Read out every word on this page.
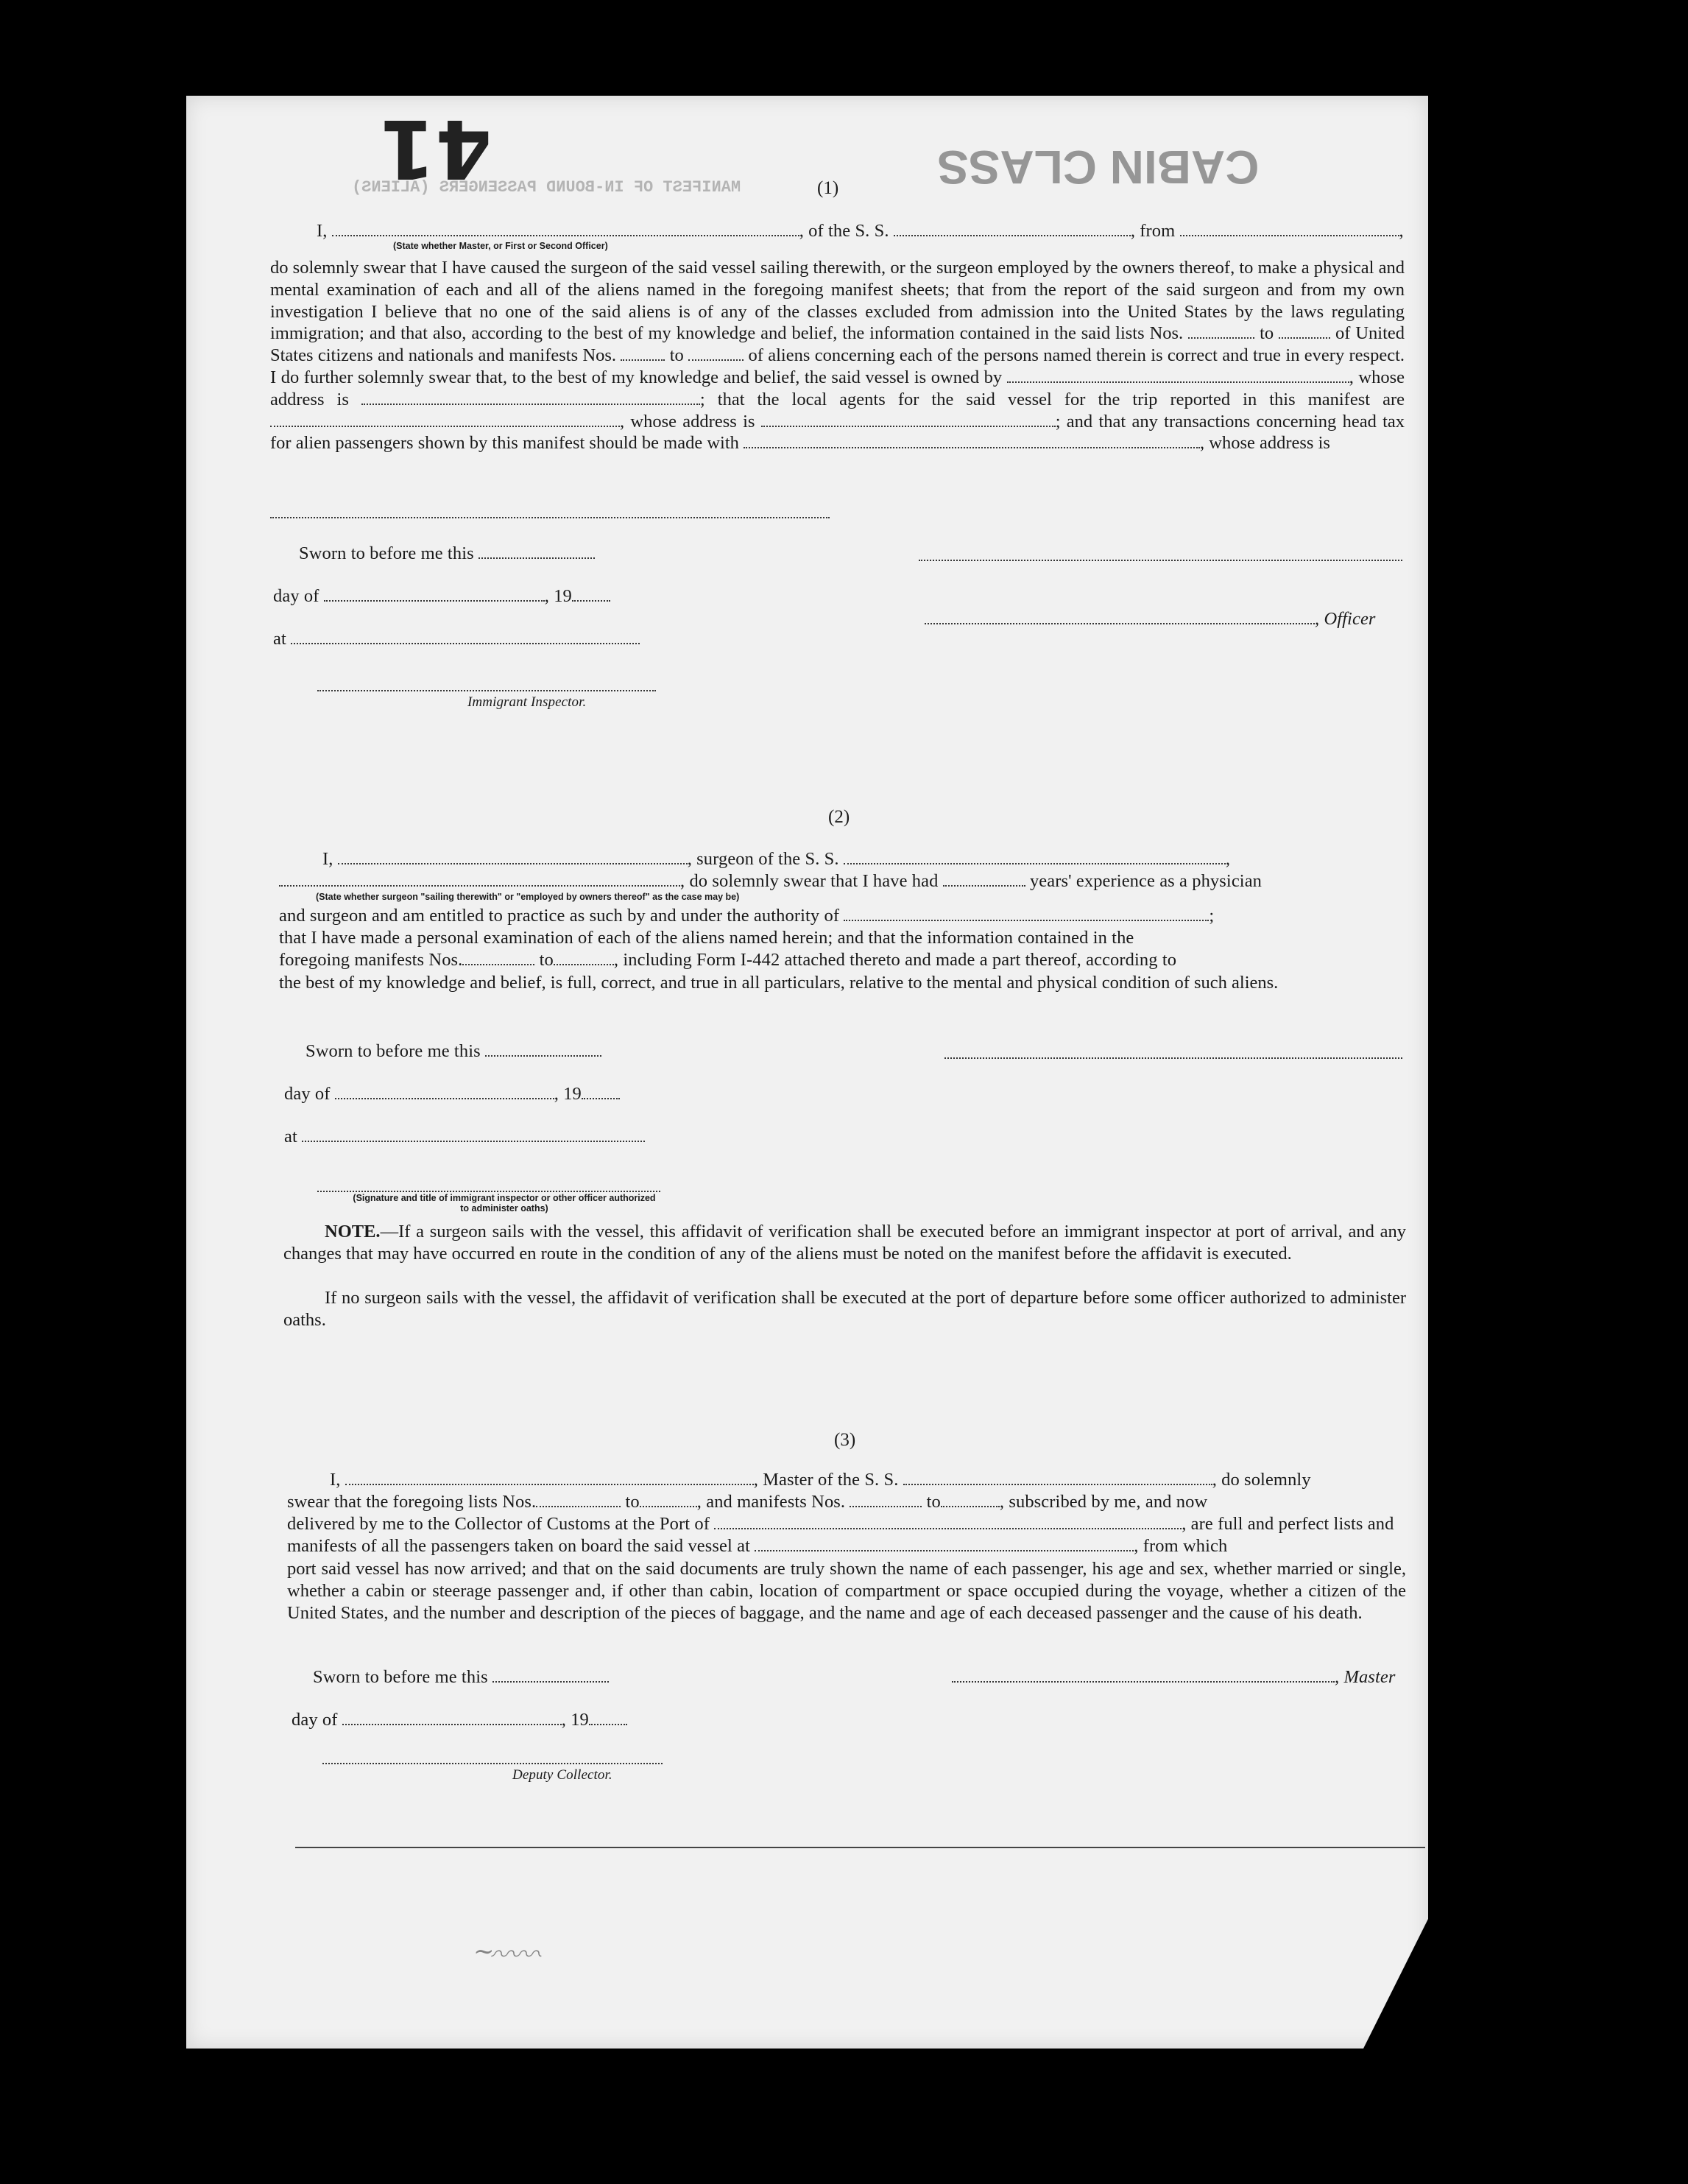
CABIN CLASS
41
MANIFEST OF IN-BOUND PASSENGERS (ALIENS)	(1)
I,	, of the S. S.	, from	,
(State whether Master, or First or Second Officer)
do solemnly swear that I have caused the surgeon of the said vessel sailing therewith, or the surgeon employed by the owners thereof, to make a physical and mental examination of each and all of the aliens named in the foregoing manifest sheets; that from the report of the said surgeon and from my own investigation I believe that no one of the said aliens is of any of the classes excluded from admission into the United States by the laws regulating immigration; and that also, according to the best of my knowledge and belief, the information contained in the said lists Nos.	to	of United States citizens and nationals and manifests Nos.	to	of aliens concerning each of the persons named therein is correct and true in every respect. I do further solemnly swear that, to the best of my knowledge and belief, the said vessel is owned by	, whose address is	; that the local agents for the said vessel for the trip reported in this manifest are , whose address is	; and that any transactions concerning head tax for alien passengers shown by this manifest should be made with	, whose address is
Sworn to before me this
day of	, 19
, Officer
at
Immigrant Inspector.
(2)
I,	, surgeon of the S. S.	,
, do solemnly swear that I have had	years' experience as a physician
(State whether surgeon "sailing therewith" or "employed by owners thereof" as the case may be)
and surgeon and am entitled to practice as such by and under the authority of	;
that I have made a personal examination of each of the aliens named herein; and that the information contained in the
foregoing manifests Nos.	to	, including Form I-442 attached thereto and made a part thereof, according to
the best of my knowledge and belief, is full, correct, and true in all particulars, relative to the mental and physical condition of such aliens.
Sworn to before me this
day of	, 19
at
(Signature and title of immigrant inspector or other officer authorized to administer oaths)
NOTE.—If a surgeon sails with the vessel, this affidavit of verification shall be executed before an immigrant inspector at port of arrival, and any changes that may have occurred en route in the condition of any of the aliens must be noted on the manifest before the affidavit is executed.
If no surgeon sails with the vessel, the affidavit of verification shall be executed at the port of departure before some officer authorized to administer oaths.
(3)
I,	, Master of the S. S.	, do solemnly
swear that the foregoing lists Nos.	to	, and manifests Nos.	to	, subscribed by me, and now
delivered by me to the Collector of Customs at the Port of	, are full and perfect lists and
manifests of all the passengers taken on board the said vessel at	, from which
port said vessel has now arrived; and that on the said documents are truly shown the name of each passenger, his age and sex, whether married or single, whether a cabin or steerage passenger and, if other than cabin, location of compartment or space occupied during the voyage, whether a citizen of the United States, and the number and description of the pieces of baggage, and the name and age of each deceased passenger and the cause of his death.
Sworn to before me this	, Master
day of	, 19
Deputy Collector.
〰〰∼
